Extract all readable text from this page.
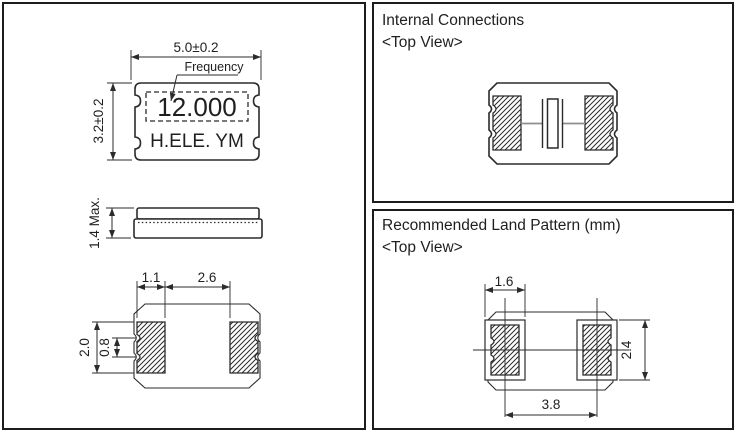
Internal Connections
<Top View>
Recommended Land Pattern (mm)
<Top View>
12.000
H.ELE. YM
5.0±0.2
3.2±0.2
Frequency
1.4 Max.
1.1	2.6
2.0 0.8
1.6
2.4
3.8
